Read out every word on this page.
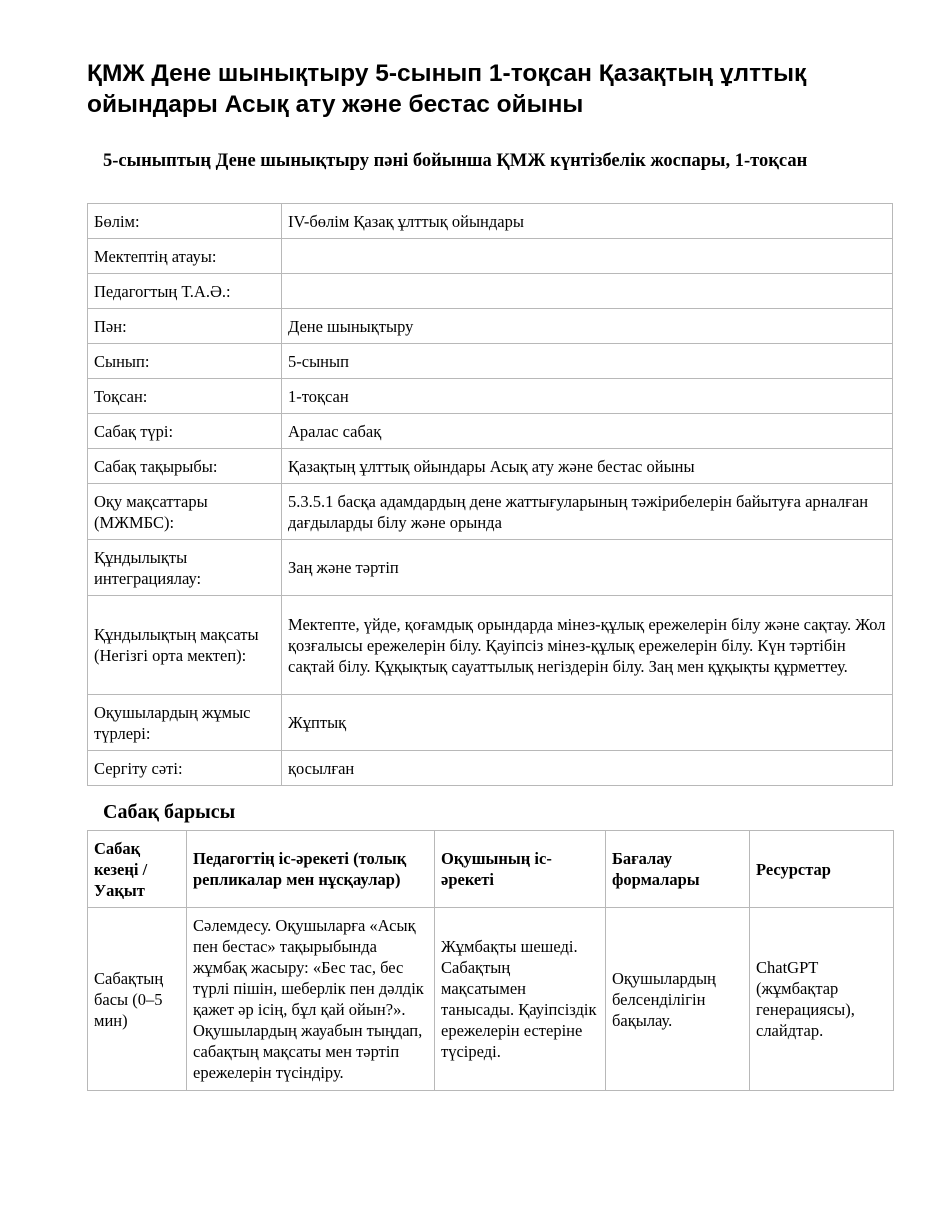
ҚМЖ Дене шынықтыру 5-сынып 1-тоқсан Қазақтың ұлттық ойындары Асық ату және бестас ойыны
5-сыныптың Дене шынықтыру пәні бойынша ҚМЖ күнтізбелік жоспары, 1-тоқсан
Бөлім:	IV-бөлім Қазақ ұлттық ойындары
Мектептің атауы:	
Педагогтың Т.А.Ә.:	
Пән:	Дене шынықтыру
Сынып:	5-сынып
Тоқсан:	1-тоқсан
Сабақ түрі:	Аралас сабақ
Сабақ тақырыбы:	Қазақтың ұлттық ойындары Асық ату және бестас ойыны
Оқу мақсаттары (МЖМБС):	5.3.5.1 басқа адамдардың дене жаттығуларының тәжірибелерін байытуға арналған дағдыларды білу және орында
Құндылықты интеграциялау:	Заң және тәртіп
Құндылықтың мақсаты (Негізгі орта мектеп):	Мектепте, үйде, қоғамдық орындарда мінез-құлық ережелерін білу және сақтау. Жол қозғалысы ережелерін білу. Қауіпсіз мінез-құлық ережелерін білу. Күн тәртібін сақтай білу. Құқықтық сауаттылық негіздерін білу. Заң мен құқықты құрметтеу.
Оқушылардың жұмыс түрлері:	Жұптық
Сергіту сәті:	қосылған
Сабақ барысы
Сабақ кезеңі / Уақыт	Педагогтің іс-әрекеті (толық репликалар мен нұсқаулар)	Оқушының іс-әрекеті	Бағалау формалары	Ресурстар
Сабақтың басы (0–5 мин)	Сәлемдесу. Оқушыларға «Асық пен бестас» тақырыбында жұмбақ жасыру: «Бес тас, бес түрлі пішін, шеберлік пен дәлдік қажет әр ісің, бұл қай ойын?». Оқушылардың жауабын тыңдап, сабақтың мақсаты мен тәртіп ережелерін түсіндіру.	Жұмбақты шешеді. Сабақтың мақсатымен танысады. Қауіпсіздік ережелерін естеріне түсіреді.	Оқушылардың белсенділігін бақылау.	ChatGPT (жұмбақтар генерациясы), слайдтар.
